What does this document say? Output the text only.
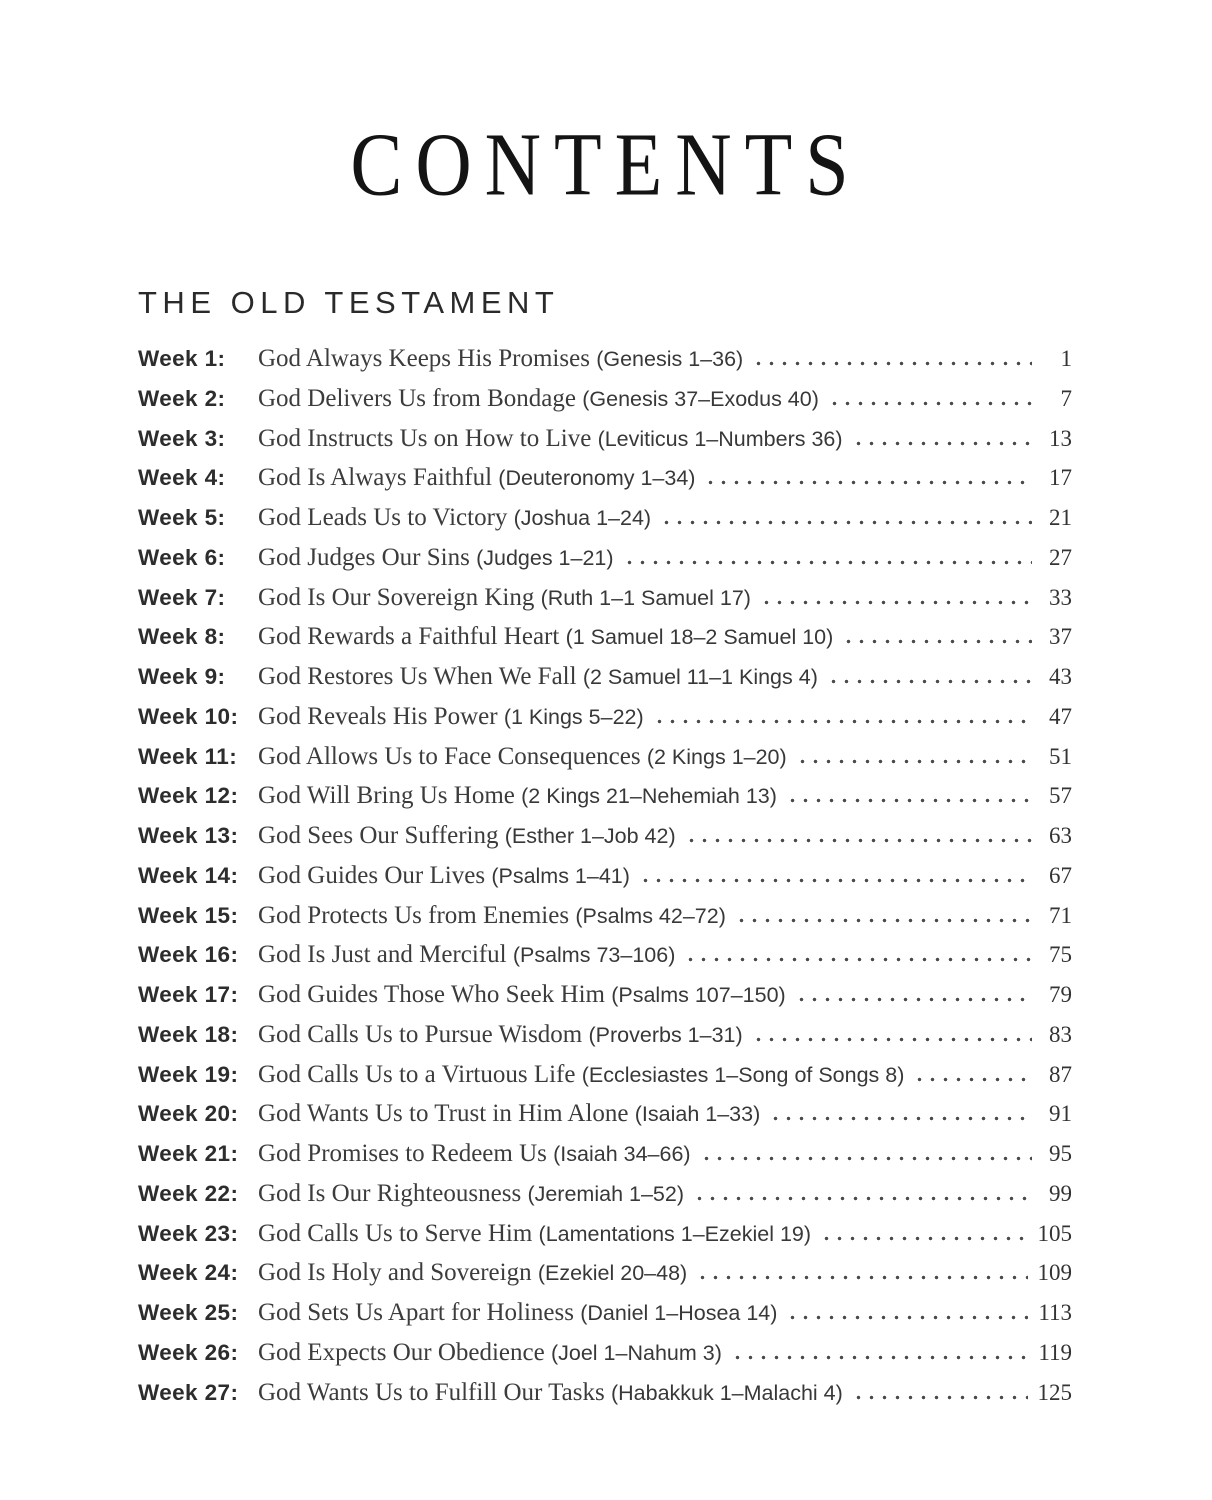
CONTENTS
THE OLD TESTAMENT
Week 1:	God Always Keeps His Promises (Genesis 1–36)	1
Week 2:	God Delivers Us from Bondage (Genesis 37–Exodus 40)	7
Week 3:	God Instructs Us on How to Live (Leviticus 1–Numbers 36)	13
Week 4:	God Is Always Faithful (Deuteronomy 1–34)	17
Week 5:	God Leads Us to Victory (Joshua 1–24)	21
Week 6:	God Judges Our Sins (Judges 1–21)	27
Week 7:	God Is Our Sovereign King (Ruth 1–1 Samuel 17)	33
Week 8:	God Rewards a Faithful Heart (1 Samuel 18–2 Samuel 10)	37
Week 9:	God Restores Us When We Fall (2 Samuel 11–1 Kings 4)	43
Week 10: God Reveals His Power (1 Kings 5–22)	47
Week 11: God Allows Us to Face Consequences (2 Kings 1–20)	51
Week 12: God Will Bring Us Home (2 Kings 21–Nehemiah 13)	57
Week 13: God Sees Our Suffering (Esther 1–Job 42)	63
Week 14: God Guides Our Lives (Psalms 1–41)	67
Week 15: God Protects Us from Enemies (Psalms 42–72)	71
Week 16: God Is Just and Merciful (Psalms 73–106)	75
Week 17: God Guides Those Who Seek Him (Psalms 107–150)	79
Week 18: God Calls Us to Pursue Wisdom (Proverbs 1–31)	83
Week 19: God Calls Us to a Virtuous Life (Ecclesiastes 1–Song of Songs 8)	87
Week 20: God Wants Us to Trust in Him Alone (Isaiah 1–33)	91
Week 21: God Promises to Redeem Us (Isaiah 34–66)	95
Week 22: God Is Our Righteousness (Jeremiah 1–52)	99
Week 23: God Calls Us to Serve Him (Lamentations 1–Ezekiel 19)	105
Week 24: God Is Holy and Sovereign (Ezekiel 20–48)	109
Week 25: God Sets Us Apart for Holiness (Daniel 1–Hosea 14)	113
Week 26: God Expects Our Obedience (Joel 1–Nahum 3)	119
Week 27: God Wants Us to Fulfill Our Tasks (Habakkuk 1–Malachi 4)	125
